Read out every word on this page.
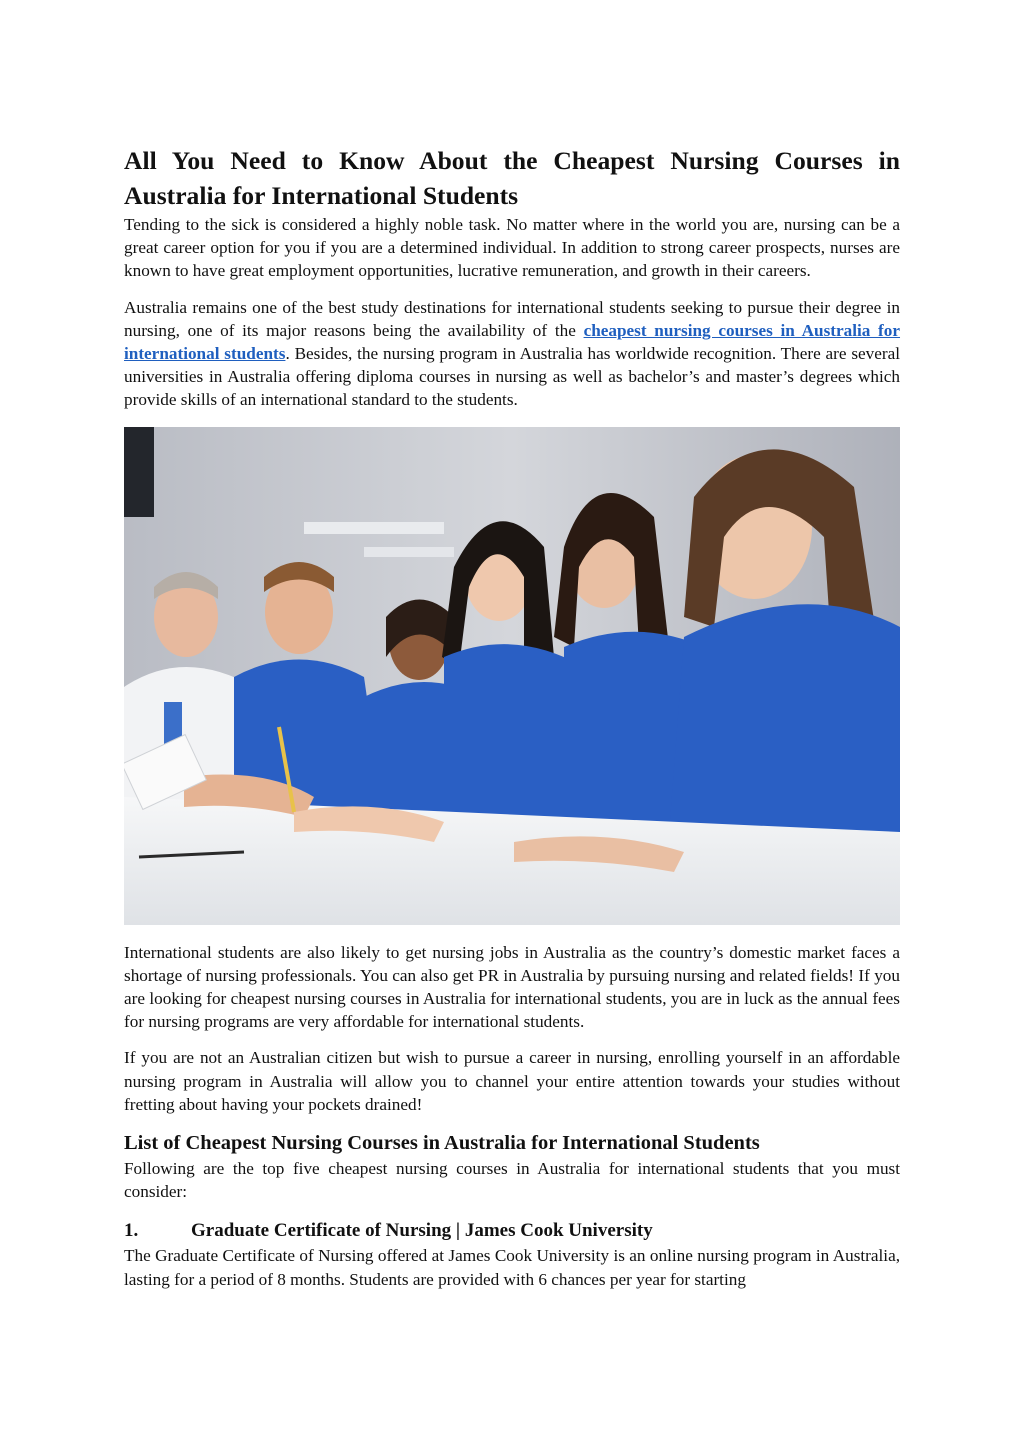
All You Need to Know About the Cheapest Nursing Courses in Australia for International Students

Tending to the sick is considered a highly noble task. No matter where in the world you are, nursing can be a great career option for you if you are a determined individual. In addition to strong career prospects, nurses are known to have great employment opportunities, lucrative remuneration, and growth in their careers.

Australia remains one of the best study destinations for international students seeking to pursue their degree in nursing, one of its major reasons being the availability of the cheapest nursing courses in Australia for international students. Besides, the nursing program in Australia has worldwide recognition. There are several universities in Australia offering diploma courses in nursing as well as bachelor’s and master’s degrees which provide skills of an international standard to the students.

International students are also likely to get nursing jobs in Australia as the country’s domestic market faces a shortage of nursing professionals. You can also get PR in Australia by pursuing nursing and related fields! If you are looking for cheapest nursing courses in Australia for international students, you are in luck as the annual fees for nursing programs are very affordable for international students.

If you are not an Australian citizen but wish to pursue a career in nursing, enrolling yourself in an affordable nursing program in Australia will allow you to channel your entire attention towards your studies without fretting about having your pockets drained!

List of Cheapest Nursing Courses in Australia for International Students

Following are the top five cheapest nursing courses in Australia for international students that you must consider:

1.	Graduate Certificate of Nursing | James Cook University

The Graduate Certificate of Nursing offered at James Cook University is an online nursing program in Australia, lasting for a period of 8 months. Students are provided with 6 chances per year for starting
